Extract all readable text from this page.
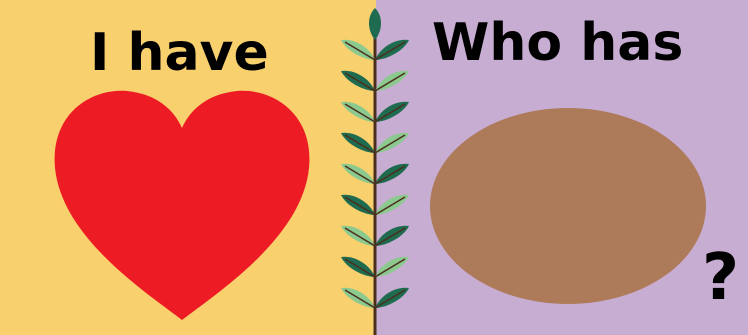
I have	Who has
?
